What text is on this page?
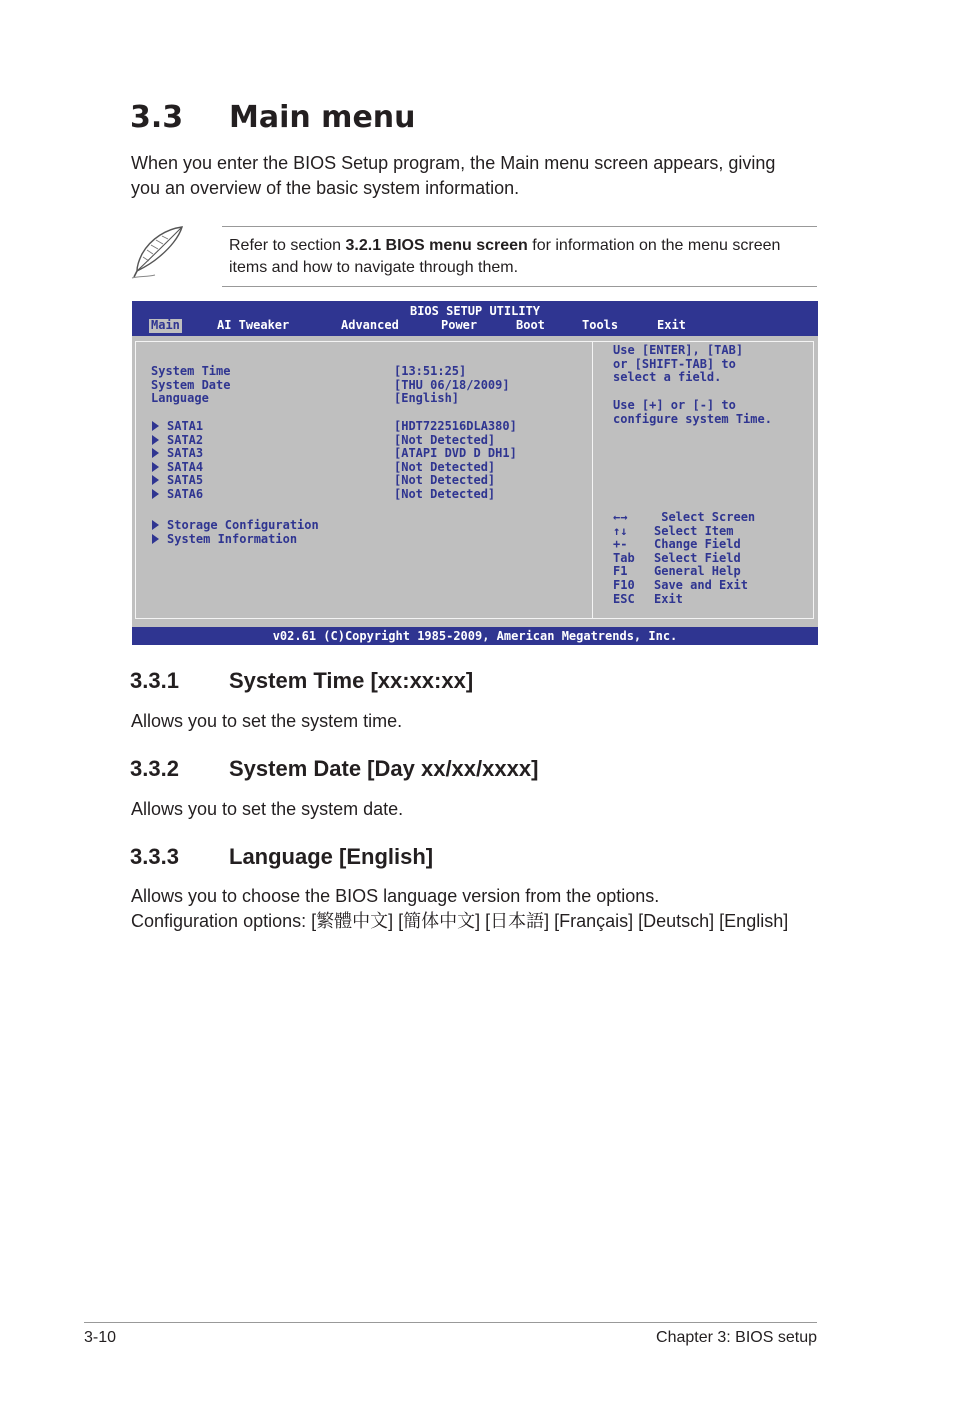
3.3 Main menu

When you enter the BIOS Setup program, the Main menu screen appears, giving

you an overview of the basic system information.

Refer to section 3.2.1 BIOS menu screen for information on the menu screen
items and how to navigate through them.
BIOS SETUP UTILITY
Main	AI Tweaker	Advanced	Power	Boot	Tools	Exit
System Time	[13:51:25]
System Date	[THU 06/18/2009]
Language	[English]
SATA1	[HDT722516DLA380]
SATA2	[Not Detected]
SATA3	[ATAPI DVD D DH1]
SATA4	[Not Detected]
SATA5	[Not Detected]
SATA6	[Not Detected]
Storage Configuration
System Information
Use [ENTER], [TAB]
or [SHIFT-TAB] to
select a field.
Use [+] or [-] to
configure system Time.
←→ Select Screen
↑↓ Select Item
+- Change Field
Tab Select Field
F1 General Help
F10 Save and Exit
ESC Exit
v02.61 (C)Copyright 1985-2009, American Megatrends, Inc.
3.3.1 System Time [xx:xx:xx]

Allows you to set the system time.

3.3.2 System Date [Day xx/xx/xxxx]

Allows you to set the system date.

3.3.3 Language [English]

Allows you to choose the BIOS language version from the options.

Configuration options: [繁體中文] [簡体中文] [日本語] [Français] [Deutsch] [English]

3-10	Chapter 3: BIOS setup
